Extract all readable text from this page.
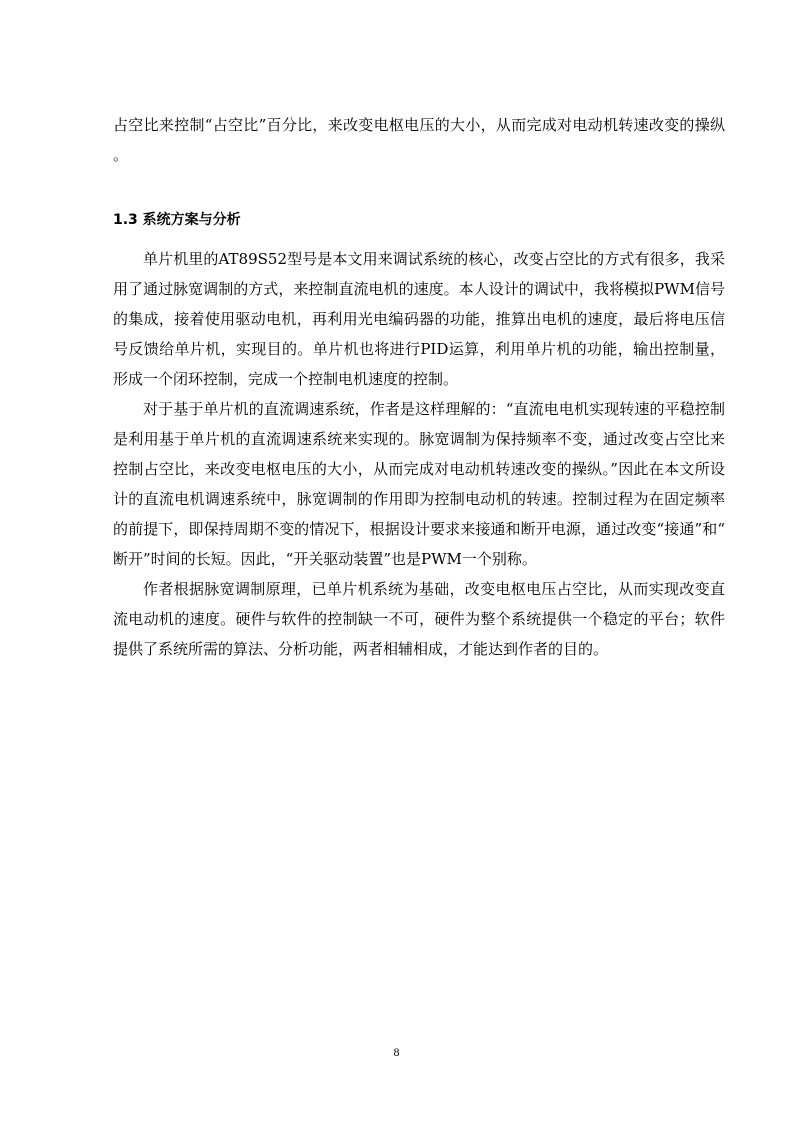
占空比来控制“占空比”百分比，来改变电枢电压的大小，从而完成对电动机转速改变的操纵。

1.3 系统方案与分析

单片机里的AT89S52型号是本文用来调试系统的核心，改变占空比的方式有很多，我采用了通过脉宽调制的方式，来控制直流电机的速度。本人设计的调试中，我将模拟PWM信号的集成，接着使用驱动电机，再利用光电编码器的功能，推算出电机的速度，最后将电压信号反馈给单片机，实现目的。单片机也将进行PID运算，利用单片机的功能，输出控制量，形成一个闭环控制，完成一个控制电机速度的控制。

对于基于单片机的直流调速系统，作者是这样理解的：“直流电电机实现转速的平稳控制是利用基于单片机的直流调速系统来实现的。脉宽调制为保持频率不变，通过改变占空比来控制占空比，来改变电枢电压的大小，从而完成对电动机转速改变的操纵。”因此在本文所设计的直流电机调速系统中，脉宽调制的作用即为控制电动机的转速。控制过程为在固定频率的前提下，即保持周期不变的情况下，根据设计要求来接通和断开电源，通过改变“接通”和“断开”时间的长短。因此，“开关驱动装置”也是PWM一个别称。

作者根据脉宽调制原理，已单片机系统为基础，改变电枢电压占空比，从而实现改变直流电动机的速度。硬件与软件的控制缺一不可，硬件为整个系统提供一个稳定的平台；软件提供了系统所需的算法、分析功能，两者相辅相成，才能达到作者的目的。

8
